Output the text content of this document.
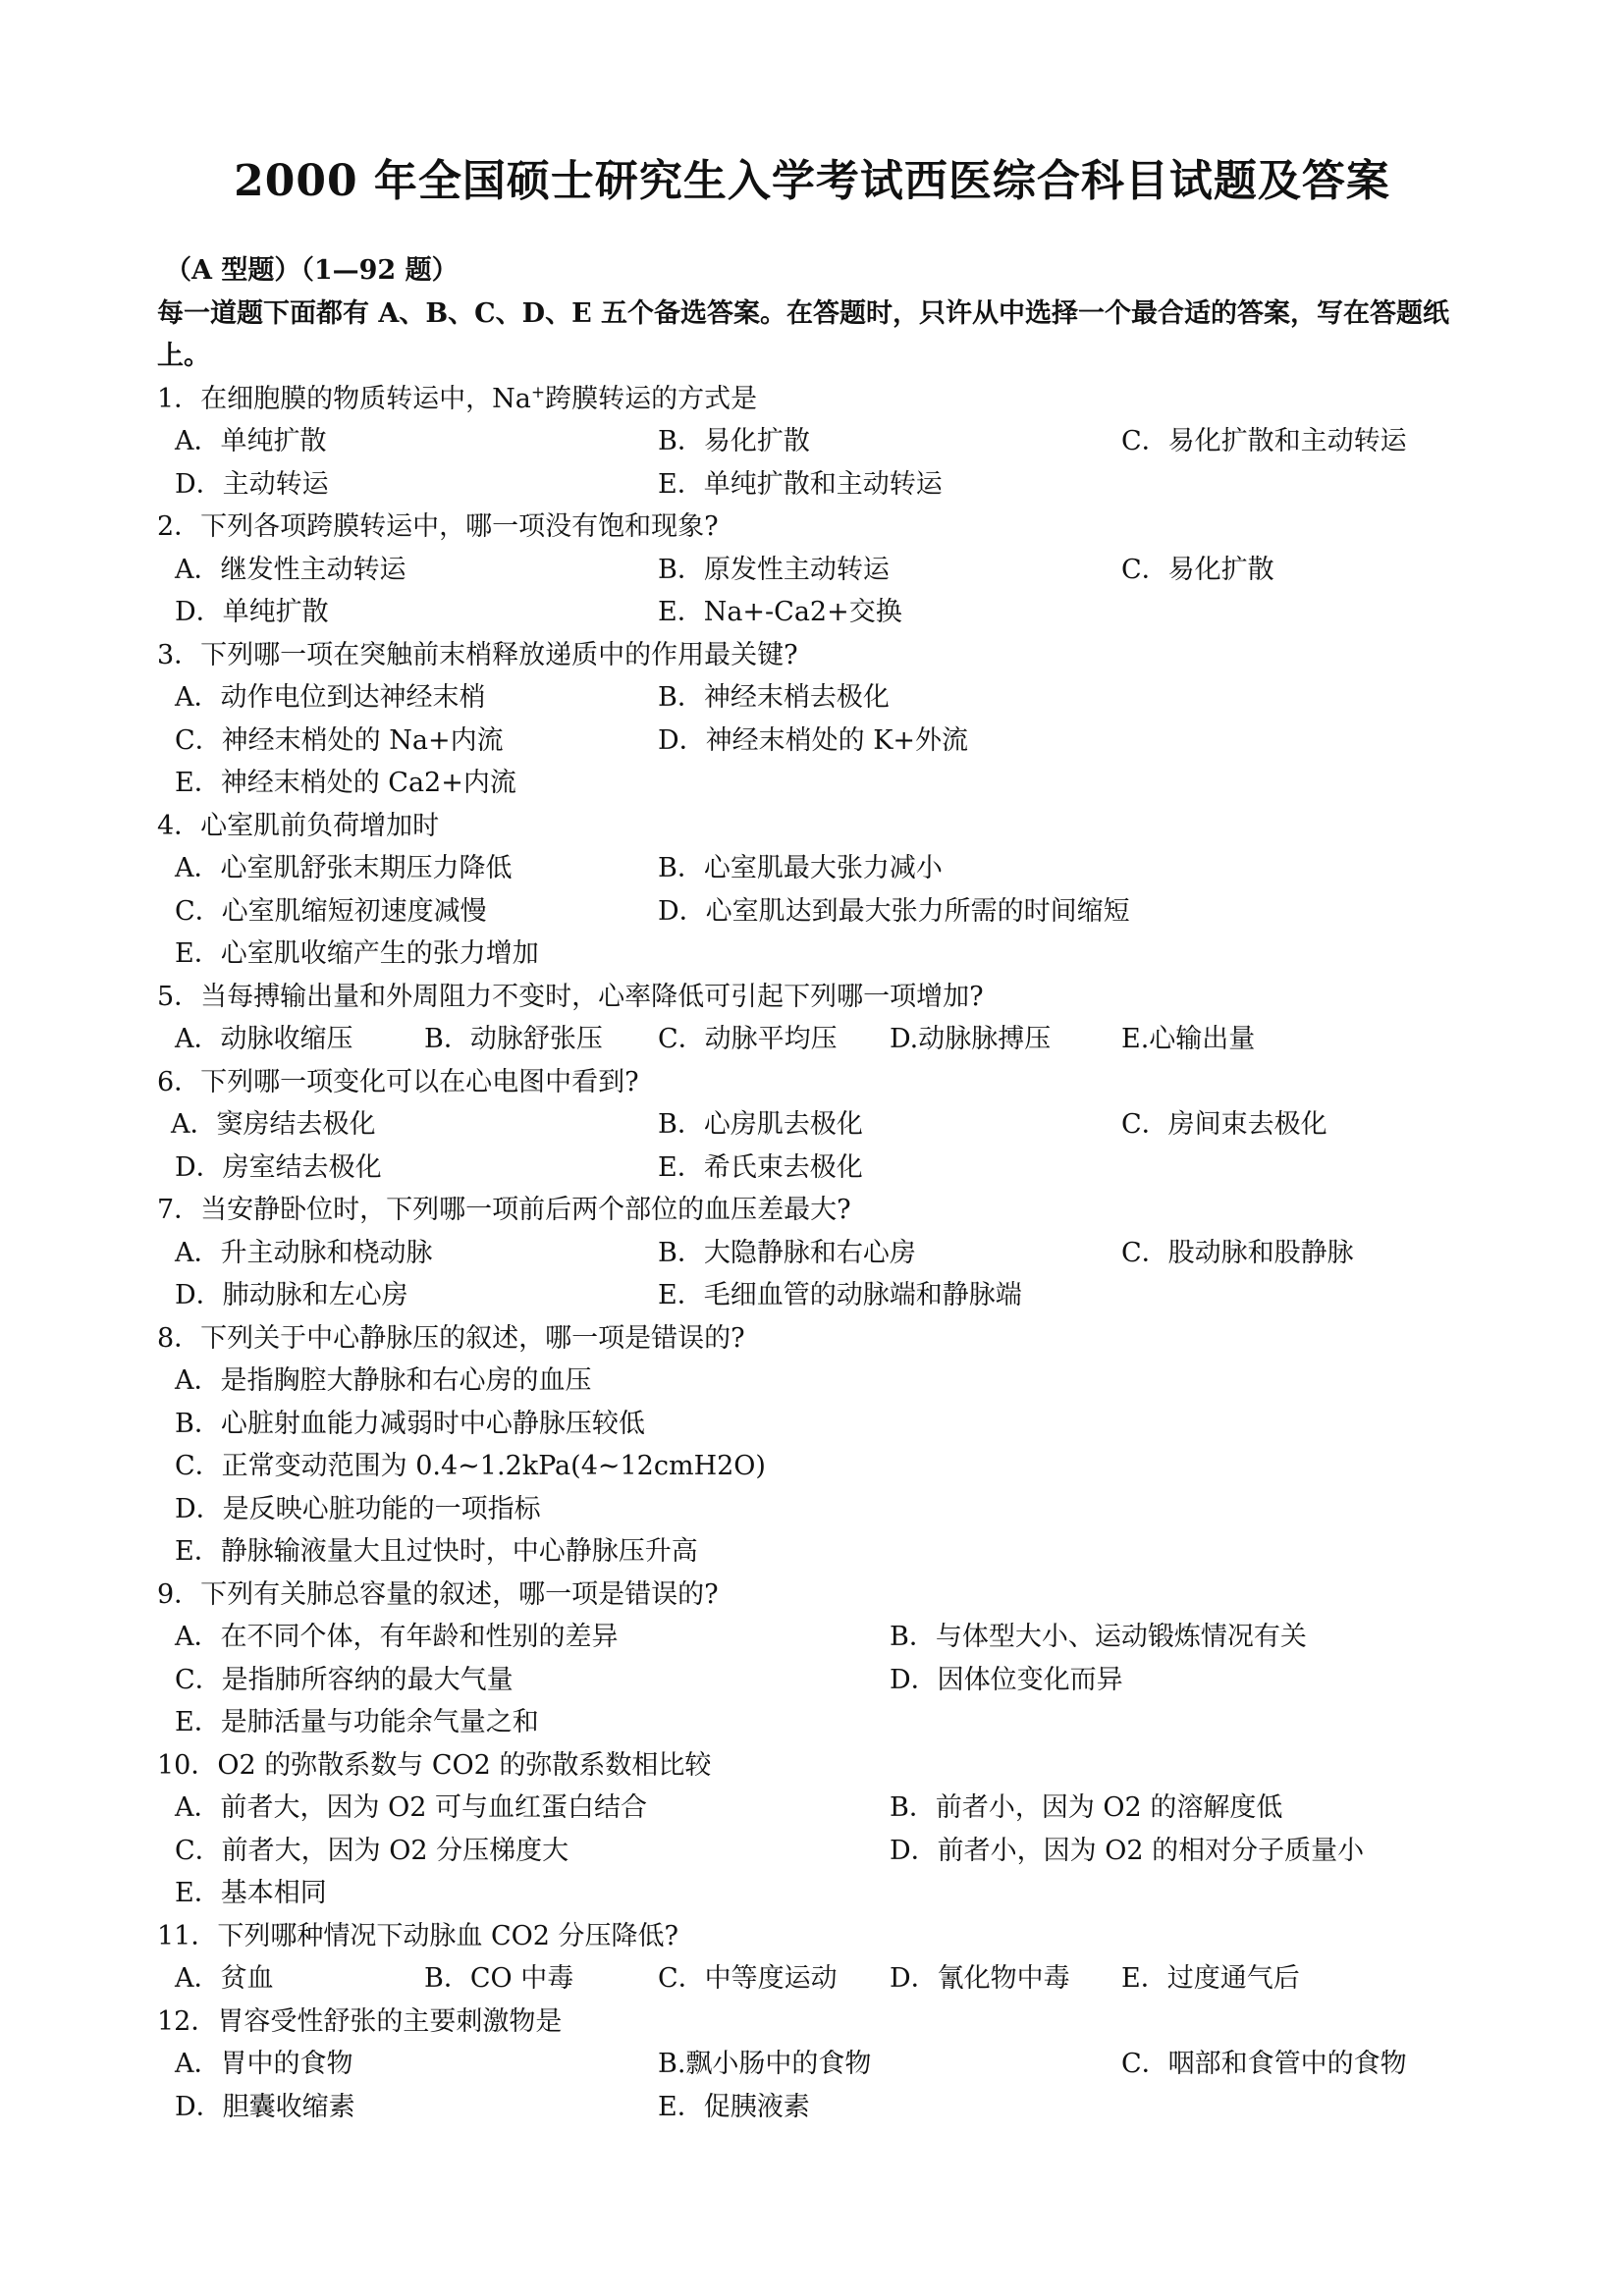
2000 年全国硕士研究生入学考试西医综合科目试题及答案
（A 型题）（1—92 题）
每一道题下面都有 A、B、C、D、E 五个备选答案。在答题时，只许从中选择一个最合适的答案，写在答题纸上。
1．在细胞膜的物质转运中，Na+跨膜转运的方式是
A．单纯扩散	B．易化扩散	C．易化扩散和主动转运
D．主动转运	E．单纯扩散和主动转运
2．下列各项跨膜转运中，哪一项没有饱和现象?
A．继发性主动转运	B．原发性主动转运	C．易化扩散
D．单纯扩散	E．Na+-Ca2+交换
3．下列哪一项在突触前末梢释放递质中的作用最关键?
A．动作电位到达神经末梢	B．神经末梢去极化
C．神经末梢处的 Na+内流	D．神经末梢处的 K+外流
E．神经末梢处的 Ca2+内流
4．心室肌前负荷增加时
A．心室肌舒张末期压力降低	B．心室肌最大张力减小
C．心室肌缩短初速度减慢	D．心室肌达到最大张力所需的时间缩短
E．心室肌收缩产生的张力增加
5．当每搏输出量和外周阻力不变时，心率降低可引起下列哪一项增加?
A．动脉收缩压	B．动脉舒张压 C．动脉平均压 D.动脉脉搏压	E.心输出量
6．下列哪一项变化可以在心电图中看到?
A．窦房结去极化	B．心房肌去极化	C．房间束去极化
D．房室结去极化	E．希氏束去极化
7．当安静卧位时，下列哪一项前后两个部位的血压差最大?
A．升主动脉和桡动脉	B．大隐静脉和右心房	C．股动脉和股静脉
D．肺动脉和左心房	E．毛细血管的动脉端和静脉端
8．下列关于中心静脉压的叙述，哪一项是错误的?
A．是指胸腔大静脉和右心房的血压
B．心脏射血能力减弱时中心静脉压较低
C．正常变动范围为 0.4~1.2kPa(4~12cmH2O)
D．是反映心脏功能的一项指标
E．静脉输液量大且过快时，中心静脉压升高
9．下列有关肺总容量的叙述，哪一项是错误的?
A．在不同个体，有年龄和性别的差异	B．与体型大小、运动锻炼情况有关
C．是指肺所容纳的最大气量	D．因体位变化而异
E．是肺活量与功能余气量之和
10．O2 的弥散系数与 CO2 的弥散系数相比较
A．前者大，因为 O2 可与血红蛋白结合	B．前者小，因为 O2 的溶解度低
C．前者大，因为 O2 分压梯度大	D．前者小，因为 O2 的相对分子质量小
E．基本相同
11．下列哪种情况下动脉血 CO2 分压降低?
A．贫血	B．CO 中毒	C．中等度运动 D．氰化物中毒 E．过度通气后
12．胃容受性舒张的主要刺激物是
A．胃中的食物	B.飘小肠中的食物	C．咽部和食管中的食物
D．胆囊收缩素	E．促胰液素
